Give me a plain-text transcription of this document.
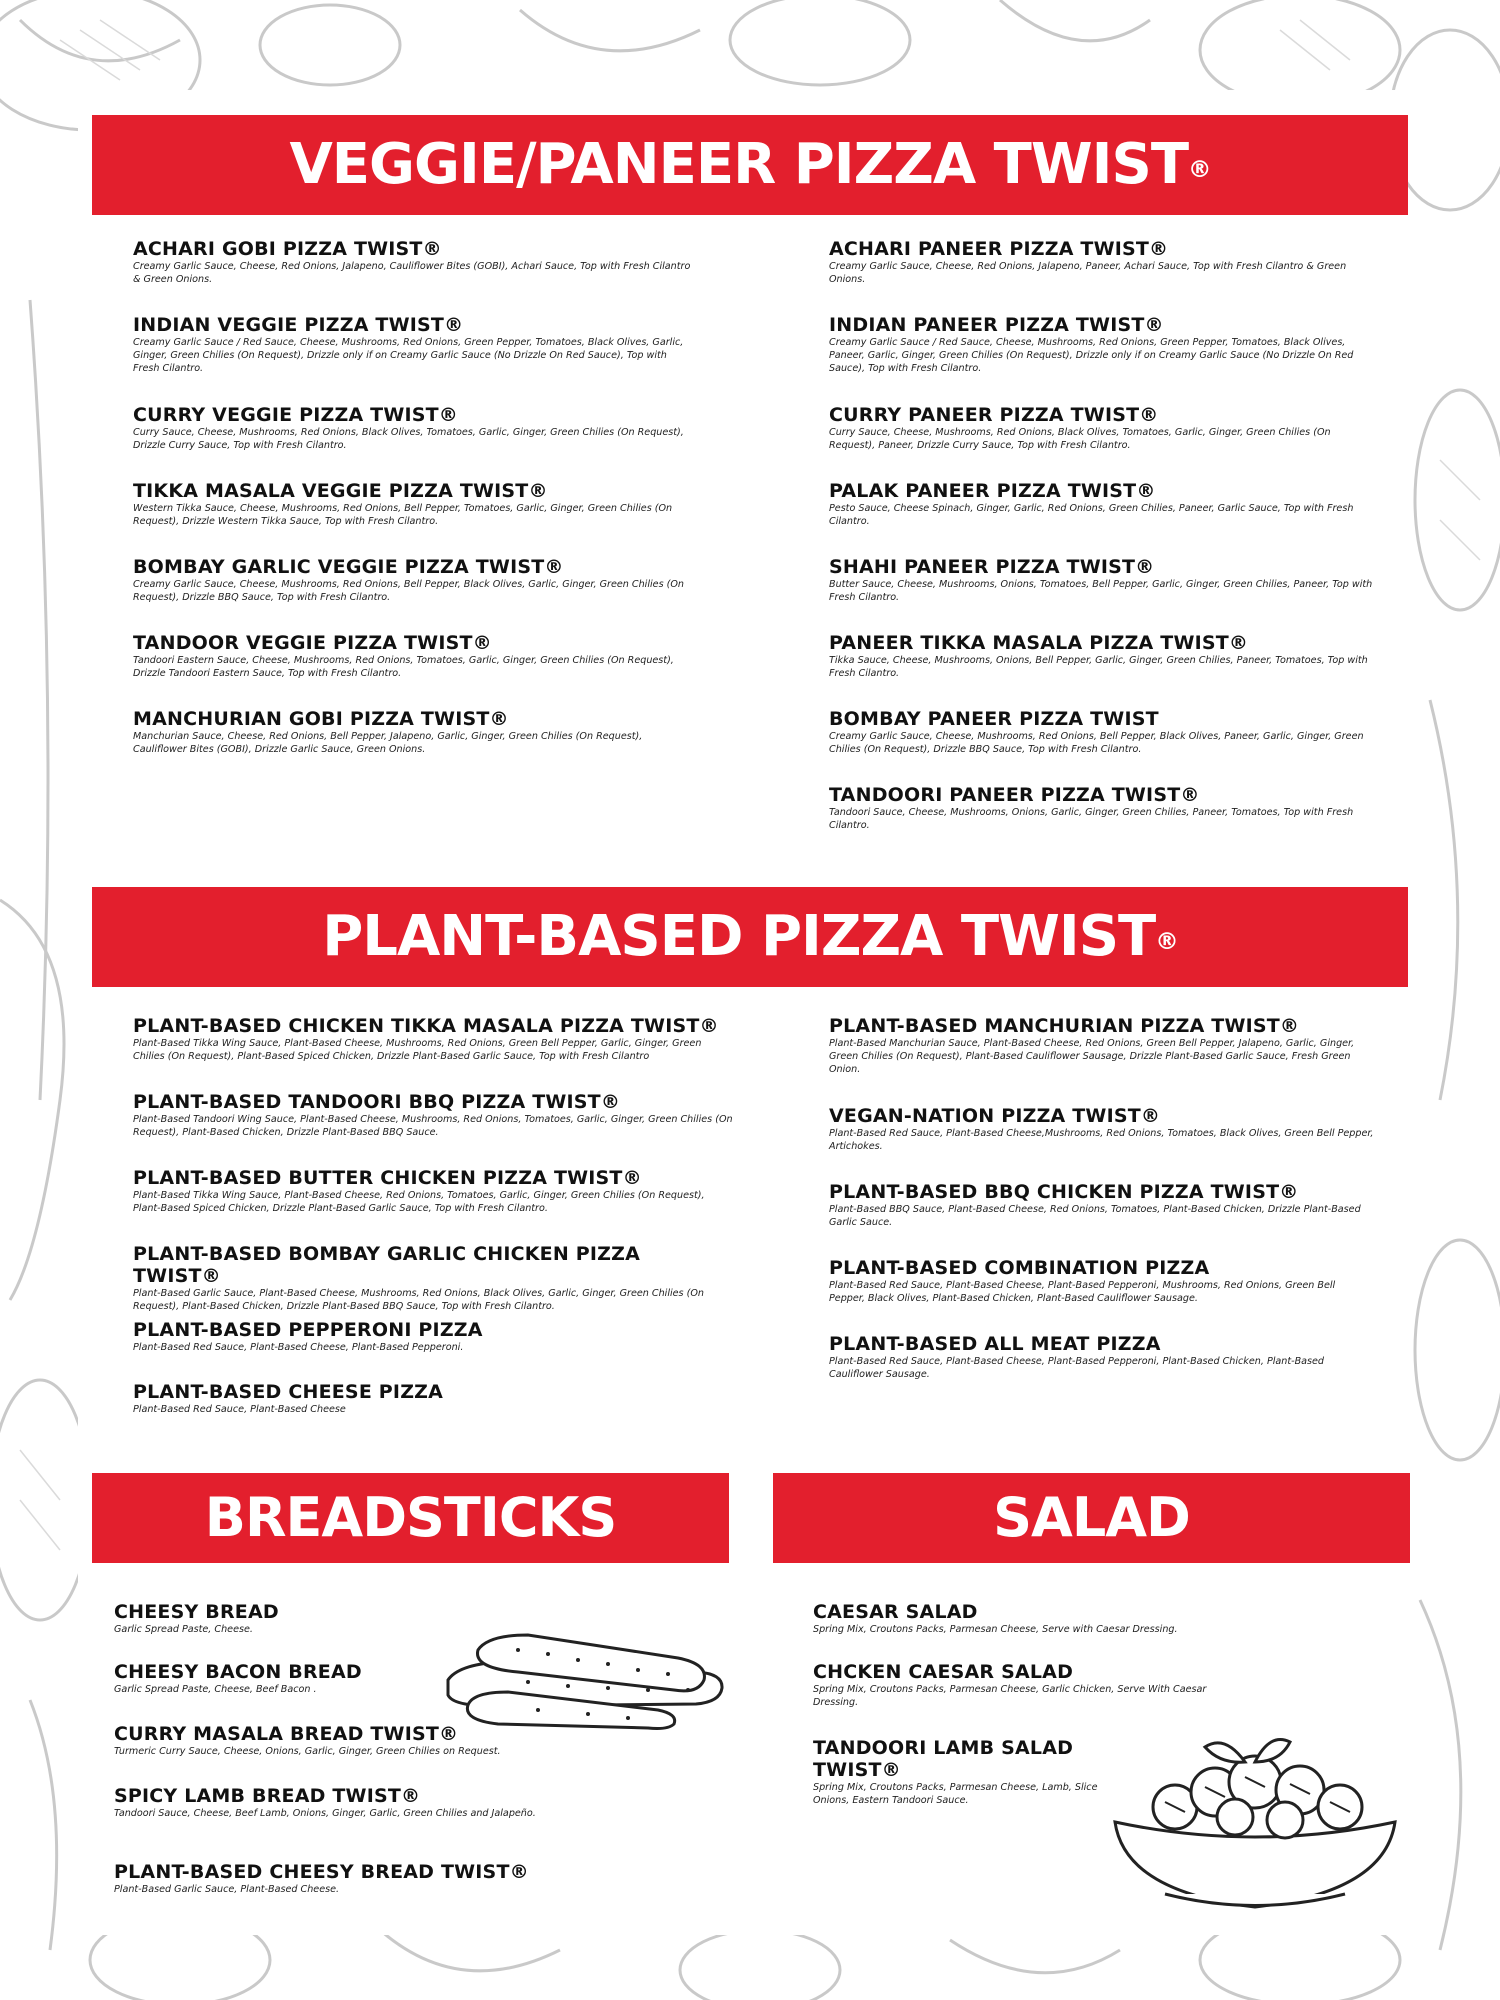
VEGGIE/PANEER PIZZA TWIST®
ACHARI GOBI PIZZA TWIST®

Creamy Garlic Sauce, Cheese, Red Onions, Jalapeno, Cauliflower Bites (GOBI), Achari Sauce, Top with Fresh Cilantro & Green Onions.

INDIAN VEGGIE PIZZA TWIST®

Creamy Garlic Sauce / Red Sauce, Cheese, Mushrooms, Red Onions, Green Pepper, Tomatoes, Black Olives, Garlic, Ginger, Green Chilies (On Request), Drizzle only if on Creamy Garlic Sauce (No Drizzle On Red Sauce), Top with Fresh Cilantro.

CURRY VEGGIE PIZZA TWIST®

Curry Sauce, Cheese, Mushrooms, Red Onions, Black Olives, Tomatoes, Garlic, Ginger, Green Chilies (On Request), Drizzle Curry Sauce, Top with Fresh Cilantro.

TIKKA MASALA VEGGIE PIZZA TWIST®

Western Tikka Sauce, Cheese, Mushrooms, Red Onions, Bell Pepper, Tomatoes, Garlic, Ginger, Green Chilies (On Request), Drizzle Western Tikka Sauce, Top with Fresh Cilantro.

BOMBAY GARLIC VEGGIE PIZZA TWIST®

Creamy Garlic Sauce, Cheese, Mushrooms, Red Onions, Bell Pepper, Black Olives, Garlic, Ginger, Green Chilies (On Request), Drizzle BBQ Sauce, Top with Fresh Cilantro.

TANDOOR VEGGIE PIZZA TWIST®

Tandoori Eastern Sauce, Cheese, Mushrooms, Red Onions, Tomatoes, Garlic, Ginger, Green Chilies (On Request), Drizzle Tandoori Eastern Sauce, Top with Fresh Cilantro.

MANCHURIAN GOBI PIZZA TWIST®

Manchurian Sauce, Cheese, Red Onions, Bell Pepper, Jalapeno, Garlic, Ginger, Green Chilies (On Request), Cauliflower Bites (GOBI), Drizzle Garlic Sauce, Green Onions.

ACHARI PANEER PIZZA TWIST®

Creamy Garlic Sauce, Cheese, Red Onions, Jalapeno, Paneer, Achari Sauce, Top with Fresh Cilantro & Green Onions.

INDIAN PANEER PIZZA TWIST®

Creamy Garlic Sauce / Red Sauce, Cheese, Mushrooms, Red Onions, Green Pepper, Tomatoes, Black Olives, Paneer, Garlic, Ginger, Green Chilies (On Request), Drizzle only if on Creamy Garlic Sauce (No Drizzle On Red Sauce), Top with Fresh Cilantro.

CURRY PANEER PIZZA TWIST®

Curry Sauce, Cheese, Mushrooms, Red Onions, Black Olives, Tomatoes, Garlic, Ginger, Green Chilies (On Request), Paneer, Drizzle Curry Sauce, Top with Fresh Cilantro.

PALAK PANEER PIZZA TWIST®

Pesto Sauce, Cheese Spinach, Ginger, Garlic, Red Onions, Green Chilies, Paneer, Garlic Sauce, Top with Fresh Cilantro.

SHAHI PANEER PIZZA TWIST®

Butter Sauce, Cheese, Mushrooms, Onions, Tomatoes, Bell Pepper, Garlic, Ginger, Green Chilies, Paneer, Top with Fresh Cilantro.

PANEER TIKKA MASALA PIZZA TWIST®

Tikka Sauce, Cheese, Mushrooms, Onions, Bell Pepper, Garlic, Ginger, Green Chilies, Paneer, Tomatoes, Top with Fresh Cilantro.

BOMBAY PANEER PIZZA TWIST

Creamy Garlic Sauce, Cheese, Mushrooms, Red Onions, Bell Pepper, Black Olives, Paneer, Garlic, Ginger, Green Chilies (On Request), Drizzle BBQ Sauce, Top with Fresh Cilantro.

TANDOORI PANEER PIZZA TWIST®

Tandoori Sauce, Cheese, Mushrooms, Onions, Garlic, Ginger, Green Chilies, Paneer, Tomatoes, Top with Fresh Cilantro.

PLANT-BASED PIZZA TWIST®
PLANT-BASED CHICKEN TIKKA MASALA PIZZA TWIST®

Plant-Based Tikka Wing Sauce, Plant-Based Cheese, Mushrooms, Red Onions, Green Bell Pepper, Garlic, Ginger, Green Chilies (On Request), Plant-Based Spiced Chicken, Drizzle Plant-Based Garlic Sauce, Top with Fresh Cilantro

PLANT-BASED TANDOORI BBQ PIZZA TWIST®

Plant-Based Tandoori Wing Sauce, Plant-Based Cheese, Mushrooms, Red Onions, Tomatoes, Garlic, Ginger, Green Chilies (On Request), Plant-Based Chicken, Drizzle Plant-Based BBQ Sauce.

PLANT-BASED BUTTER CHICKEN PIZZA TWIST®

Plant-Based Tikka Wing Sauce, Plant-Based Cheese, Red Onions, Tomatoes, Garlic, Ginger, Green Chilies (On Request), Plant-Based Spiced Chicken, Drizzle Plant-Based Garlic Sauce, Top with Fresh Cilantro.

PLANT-BASED BOMBAY GARLIC CHICKEN PIZZA TWIST®

Plant-Based Garlic Sauce, Plant-Based Cheese, Mushrooms, Red Onions, Black Olives, Garlic, Ginger, Green Chilies (On Request), Plant-Based Chicken, Drizzle Plant-Based BBQ Sauce, Top with Fresh Cilantro.

PLANT-BASED PEPPERONI PIZZA

Plant-Based Red Sauce, Plant-Based Cheese, Plant-Based Pepperoni.

PLANT-BASED CHEESE PIZZA

Plant-Based Red Sauce, Plant-Based Cheese

PLANT-BASED MANCHURIAN PIZZA TWIST®

Plant-Based Manchurian Sauce, Plant-Based Cheese, Red Onions, Green Bell Pepper, Jalapeno, Garlic, Ginger, Green Chilies (On Request), Plant-Based Cauliflower Sausage, Drizzle Plant-Based Garlic Sauce, Fresh Green Onion.

VEGAN-NATION PIZZA TWIST®

Plant-Based Red Sauce, Plant-Based Cheese,Mushrooms, Red Onions, Tomatoes, Black Olives, Green Bell Pepper, Artichokes.

PLANT-BASED BBQ CHICKEN PIZZA TWIST®

Plant-Based BBQ Sauce, Plant-Based Cheese, Red Onions, Tomatoes, Plant-Based Chicken, Drizzle Plant-Based Garlic Sauce.

PLANT-BASED COMBINATION PIZZA

Plant-Based Red Sauce, Plant-Based Cheese, Plant-Based Pepperoni, Mushrooms, Red Onions, Green Bell Pepper, Black Olives, Plant-Based Chicken, Plant-Based Cauliflower Sausage.

PLANT-BASED ALL MEAT PIZZA

Plant-Based Red Sauce, Plant-Based Cheese, Plant-Based Pepperoni, Plant-Based Chicken, Plant-Based Cauliflower Sausage.

BREADSTICKS
CHEESY BREAD

Garlic Spread Paste, Cheese.

CHEESY BACON BREAD

Garlic Spread Paste, Cheese, Beef Bacon .

CURRY MASALA BREAD TWIST®

Turmeric Curry Sauce, Cheese, Onions, Garlic, Ginger, Green Chilies on Request.

SPICY LAMB BREAD TWIST®

Tandoori Sauce, Cheese, Beef Lamb, Onions, Ginger, Garlic, Green Chilies and Jalapeño.

PLANT-BASED CHEESY BREAD TWIST®

Plant-Based Garlic Sauce, Plant-Based Cheese.

SALAD
CAESAR SALAD

Spring Mix, Croutons Packs, Parmesan Cheese, Serve with Caesar Dressing.

CHCKEN CAESAR SALAD

Spring Mix, Croutons Packs, Parmesan Cheese, Garlic Chicken, Serve With Caesar Dressing.

TANDOORI LAMB SALAD TWIST®

Spring Mix, Croutons Packs, Parmesan Cheese, Lamb, Slice Onions, Eastern Tandoori Sauce.
